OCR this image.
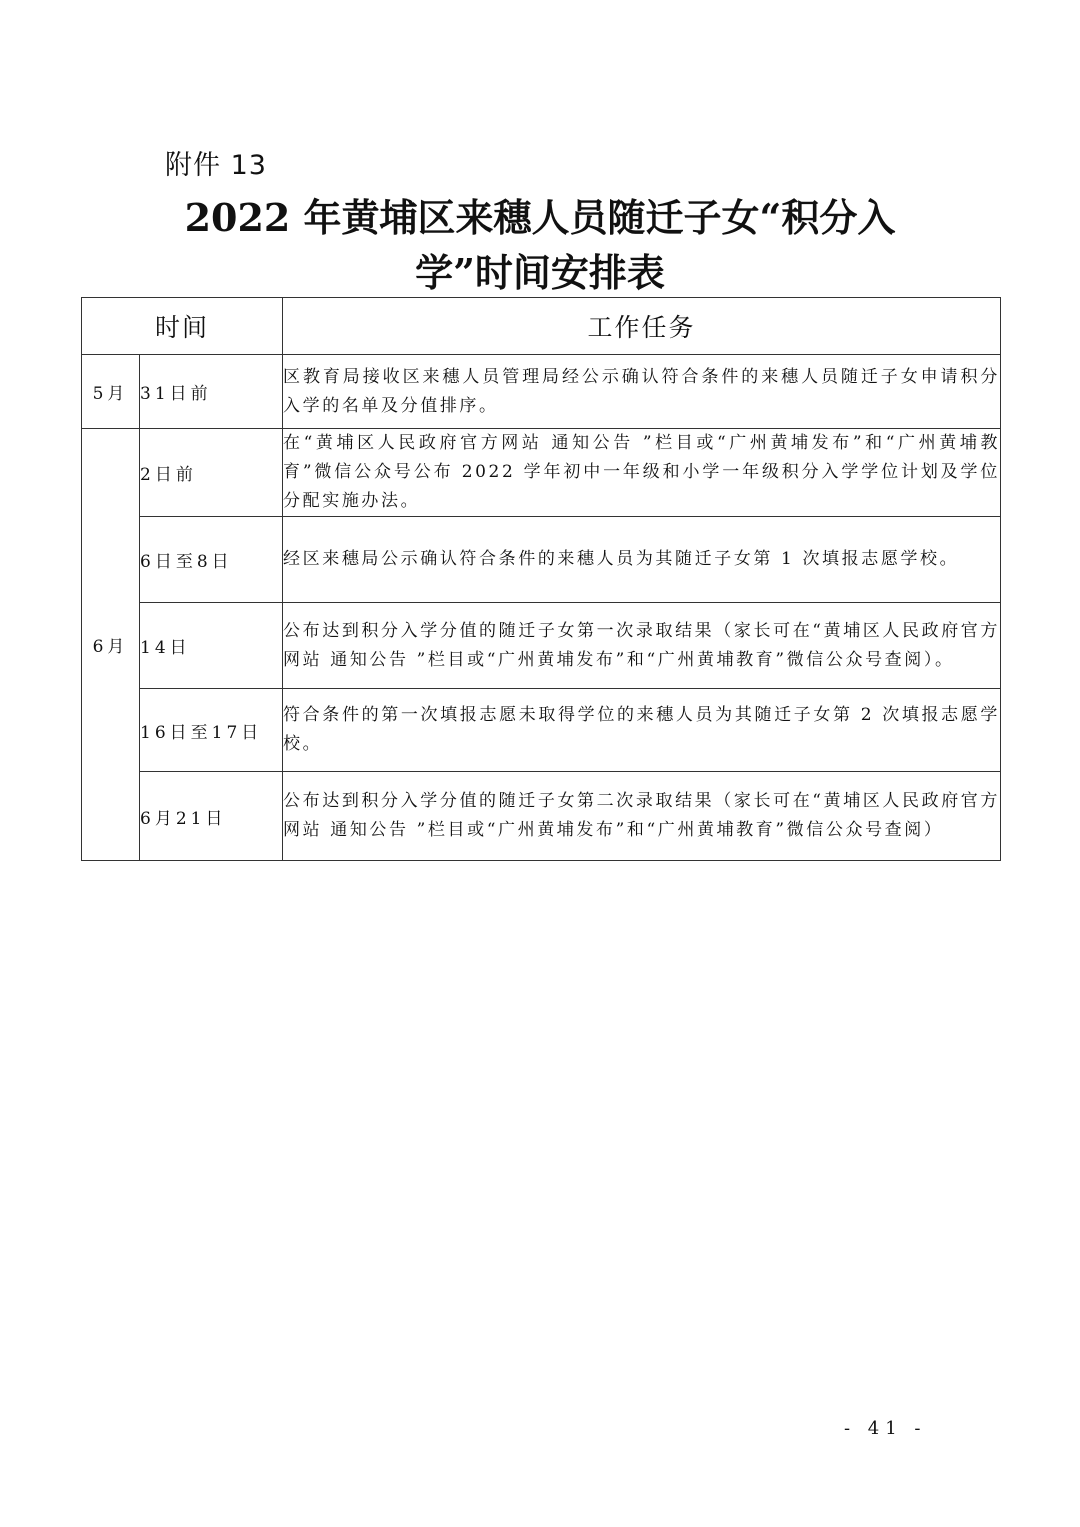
附件 13
2022 年黄埔区来穗人员随迁子女“积分入
学”时间安排表
时间		工作任务
5月	31日前	区教育局接收区来穗人员管理局经公示确认符合条件的来穗人员随迁子女申请积分入学的名单及分值排序。
6月	2日前	在“黄埔区人民政府官方网站 通知公告 ”栏目或“广州黄埔发布”和“广州黄埔教育”微信公众号公布 2022 学年初中一年级和小学一年级积分入学学位计划及学位分配实施办法。
	6日至8日	经区来穗局公示确认符合条件的来穗人员为其随迁子女第 1 次填报志愿学校。
	14日	公布达到积分入学分值的随迁子女第一次录取结果（家长可在“黄埔区人民政府官方网站 通知公告 ”栏目或“广州黄埔发布”和“广州黄埔教育”微信公众号查阅）。
	16日至17日	符合条件的第一次填报志愿未取得学位的来穗人员为其随迁子女第 2 次填报志愿学校。
	6月21日	公布达到积分入学分值的随迁子女第二次录取结果（家长可在“黄埔区人民政府官方网站 通知公告 ”栏目或“广州黄埔发布”和“广州黄埔教育”微信公众号查阅）
- 41 -
